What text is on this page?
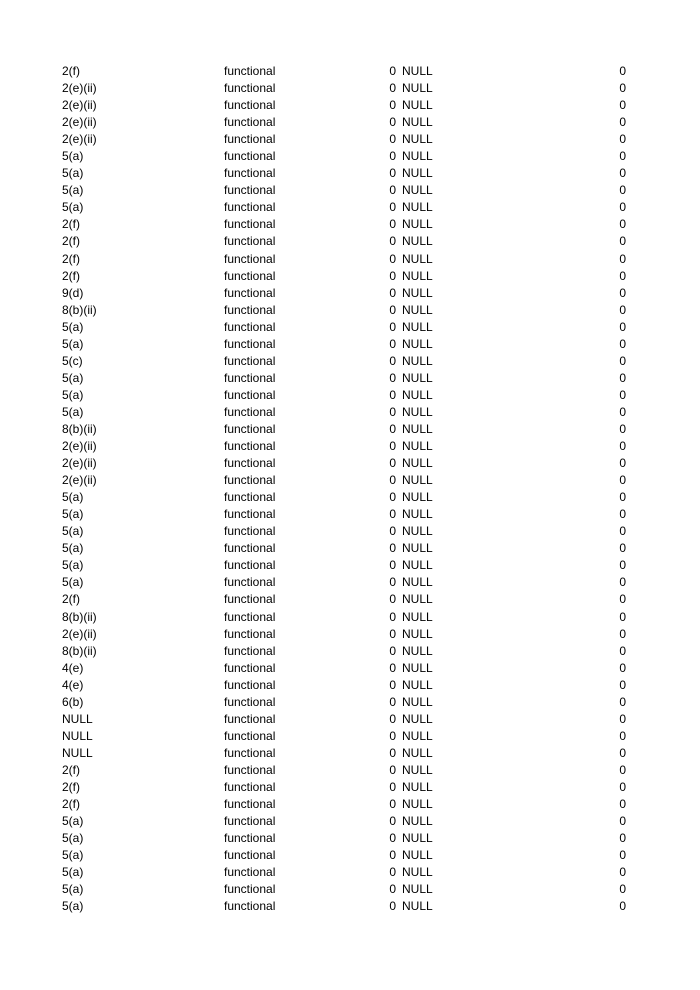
2(f)	functional	0 NULL	0
2(e)(ii)	functional	0 NULL	0
2(e)(ii)	functional	0 NULL	0
2(e)(ii)	functional	0 NULL	0
2(e)(ii)	functional	0 NULL	0
5(a)	functional	0 NULL	0
5(a)	functional	0 NULL	0
5(a)	functional	0 NULL	0
5(a)	functional	0 NULL	0
2(f)	functional	0 NULL	0
2(f)	functional	0 NULL	0
2(f)	functional	0 NULL	0
2(f)	functional	0 NULL	0
9(d)	functional	0 NULL	0
8(b)(ii)	functional	0 NULL	0
5(a)	functional	0 NULL	0
5(a)	functional	0 NULL	0
5(c)	functional	0 NULL	0
5(a)	functional	0 NULL	0
5(a)	functional	0 NULL	0
5(a)	functional	0 NULL	0
8(b)(ii)	functional	0 NULL	0
2(e)(ii)	functional	0 NULL	0
2(e)(ii)	functional	0 NULL	0
2(e)(ii)	functional	0 NULL	0
5(a)	functional	0 NULL	0
5(a)	functional	0 NULL	0
5(a)	functional	0 NULL	0
5(a)	functional	0 NULL	0
5(a)	functional	0 NULL	0
5(a)	functional	0 NULL	0
2(f)	functional	0 NULL	0
8(b)(ii)	functional	0 NULL	0
2(e)(ii)	functional	0 NULL	0
8(b)(ii)	functional	0 NULL	0
4(e)	functional	0 NULL	0
4(e)	functional	0 NULL	0
6(b)	functional	0 NULL	0
NULL	functional	0 NULL	0
NULL	functional	0 NULL	0
NULL	functional	0 NULL	0
2(f)	functional	0 NULL	0
2(f)	functional	0 NULL	0
2(f)	functional	0 NULL	0
5(a)	functional	0 NULL	0
5(a)	functional	0 NULL	0
5(a)	functional	0 NULL	0
5(a)	functional	0 NULL	0
5(a)	functional	0 NULL	0
5(a)	functional	0 NULL	0
